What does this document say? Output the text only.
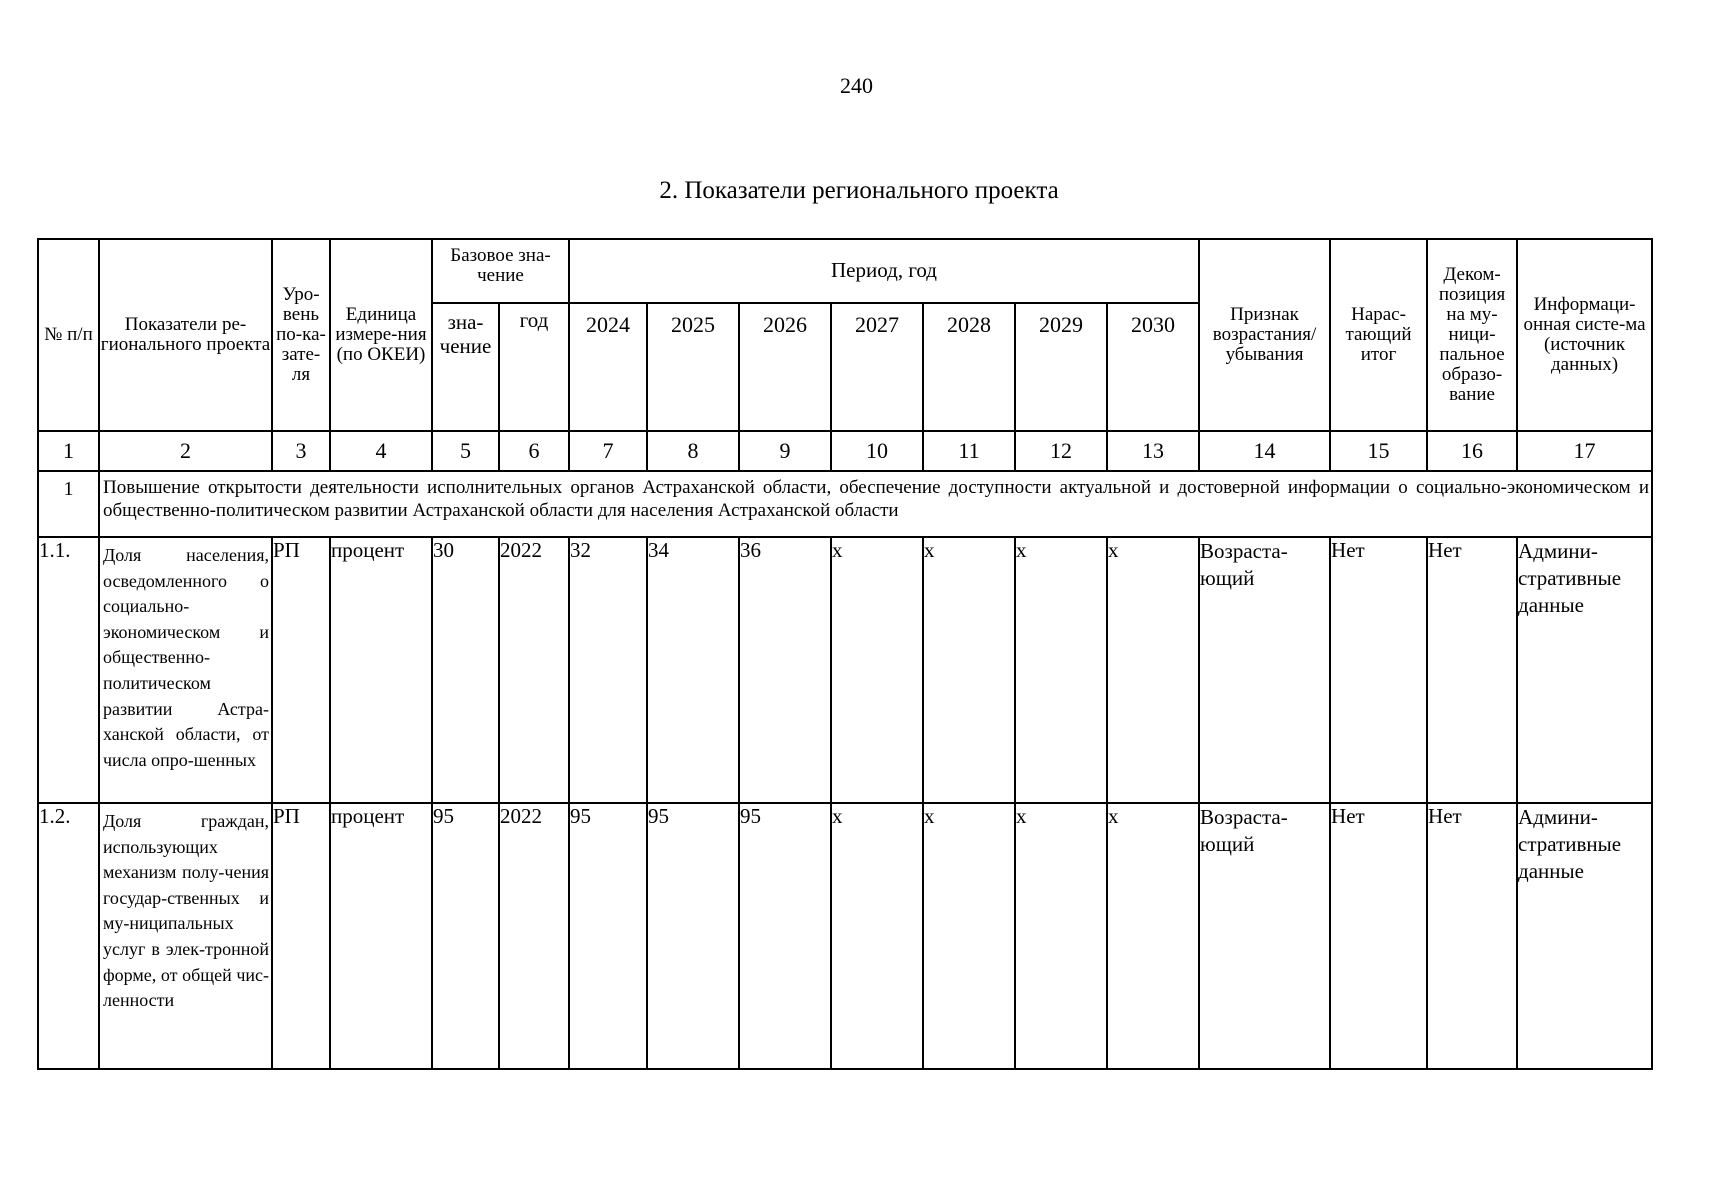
240
2. Показатели регионального проекта
№ п/п	Показатели ре-гионального проекта	Уро-вень по-ка-зате-ля	Единица измере-ния (по ОКЕИ)	Базовое зна-чение		Период, год							Признак возрастания/ убывания	Нарас-тающий итог	Деком-позиция на му-ници-пальное образо-вание	Информаци-онная систе-ма (источник данных)
				зна-чение	год	2024	2025	2026	2027	2028	2029	2030				
1	2	3	4	5	6	7	8	9	10	11	12	13	14	15	16	17
1	Повышение открытости деятельности исполнительных органов Астраханской области, обеспечение доступности актуальной и достоверной информации о социально-экономическом и общественно-политическом развитии Астраханской области для населения Астраханской области															
1.1.	Доля населения, осведомленного о социально-экономическом и общественно-политическом развитии Астра-ханской области, от числа опро-шенных	РП	процент	30	2022	32	34	36	х	х	х	х	Возраста-ющий	Нет	Нет	Админи-стративные данные
1.2.	Доля граждан, использующих механизм полу-чения государ-ственных и му-ниципальных услуг в элек-тронной форме, от общей чис-ленности	РП	процент	95	2022	95	95	95	х	х	х	х	Возраста-ющий	Нет	Нет	Админи-стративные данные
